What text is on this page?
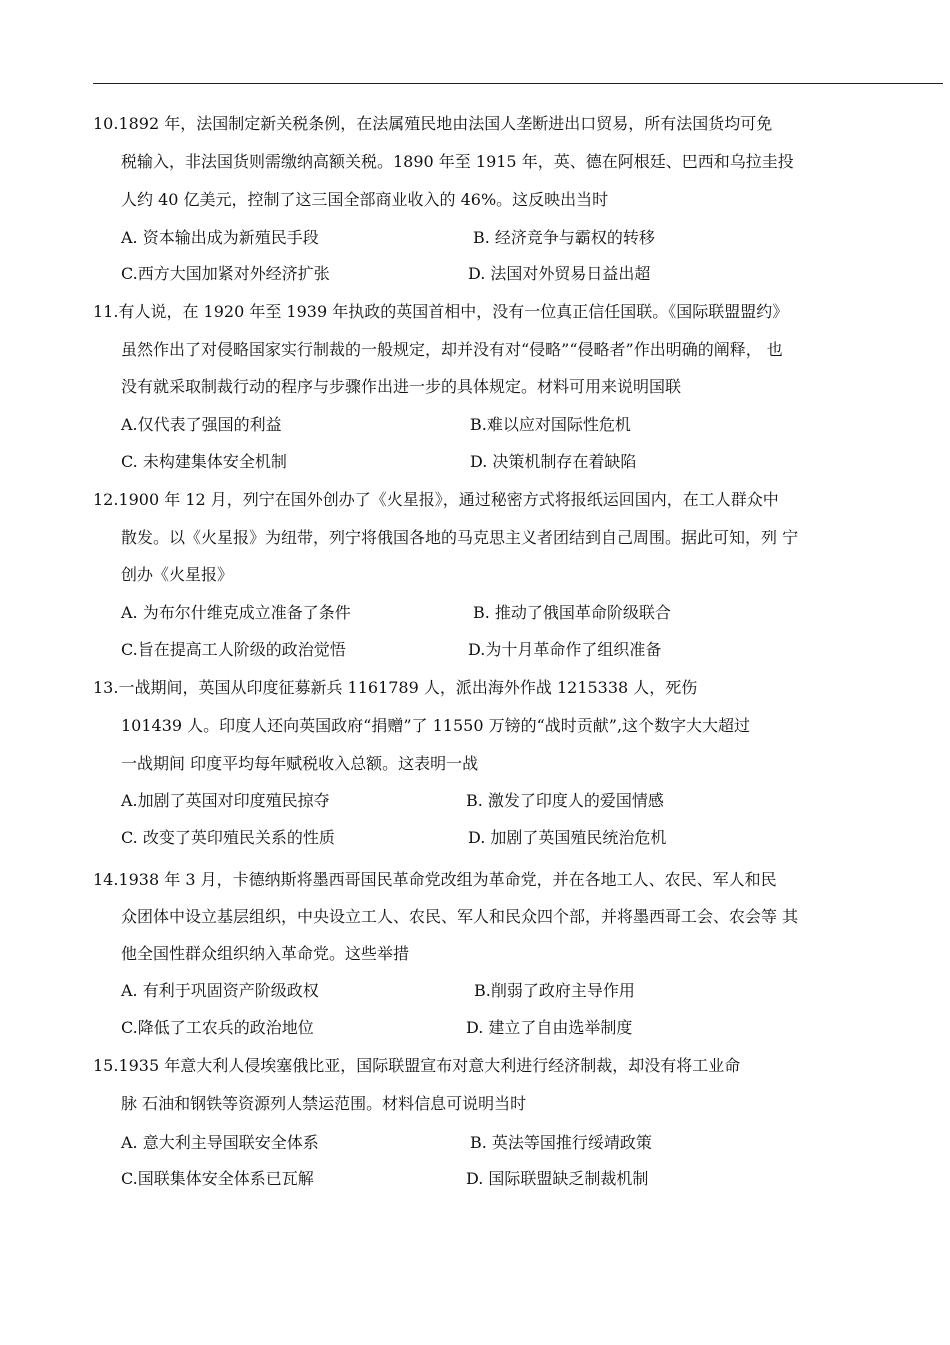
10.1892 年，法国制定新关税条例，在法属殖民地由法国人垄断进出口贸易，所有法国货均可免
税输入，非法国货则需缴纳高额关税。1890 年至 1915 年，英、德在阿根廷、巴西和乌拉圭投
人约 40 亿美元，控制了这三国全部商业收入的 46%。这反映出当时
A. 资本输出成为新殖民手段	B. 经济竞争与霸权的转移
C.西方大国加紧对外经济扩张	D. 法国对外贸易日益出超
11.有人说，在 1920 年至 1939 年执政的英国首相中，没有一位真正信任国联。《国际联盟盟约》
虽然作出了对侵略国家实行制裁的一般规定，却并没有对“侵略”“侵略者”作出明确的阐释， 也
没有就采取制裁行动的程序与步骤作出进一步的具体规定。材料可用来说明国联
A.仅代表了强国的利益	B.难以应对国际性危机
C. 未构建集体安全机制	D. 决策机制存在着缺陷
12.1900 年 12 月，列宁在国外创办了《火星报》，通过秘密方式将报纸运回国内，在工人群众中
散发。以《火星报》为纽带，列宁将俄国各地的马克思主义者团结到自己周围。据此可知，列 宁
创办《火星报》
A. 为布尔什维克成立准备了条件	B. 推动了俄国革命阶级联合
C.旨在提高工人阶级的政治觉悟	D.为十月革命作了组织准备
13.一战期间，英国从印度征募新兵 1161789 人，派出海外作战 1215338 人，死伤
101439 人。印度人还向英国政府“捐赠”了 11550 万镑的“战时贡献”,这个数字大大超过
一战期间 印度平均每年赋税收入总额。这表明一战
A.加剧了英国对印度殖民掠夺	B. 激发了印度人的爱国情感
C. 改变了英印殖民关系的性质	D. 加剧了英国殖民统治危机
14.1938 年 3 月，卡德纳斯将墨西哥国民革命党改组为革命党，并在各地工人、农民、军人和民
众团体中设立基层组织，中央设立工人、农民、军人和民众四个部，并将墨西哥工会、农会等 其
他全国性群众组织纳入革命党。这些举措
A. 有利于巩固资产阶级政权	B.削弱了政府主导作用
C.降低了工农兵的政治地位	D. 建立了自由选举制度
15.1935 年意大利人侵埃塞俄比亚，国际联盟宣布对意大利进行经济制裁，却没有将工业命
脉 石油和钢铁等资源列人禁运范围。材料信息可说明当时
A. 意大利主导国联安全体系	B. 英法等国推行绥靖政策
C.国联集体安全体系已瓦解	D. 国际联盟缺乏制裁机制
